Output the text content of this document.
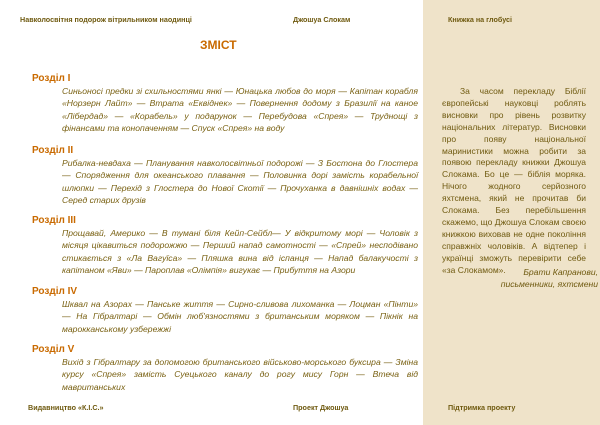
Навколосвітня подорож вітрильником наодинці	Джошуа Слокам	Книжка на глобусі
ЗМІСТ
Розділ I

Синьоносі предки зі схильностями янкі — Юнацька любов до моря — Капітан корабля «Норзерн Лайт» — Втрата «Еквіднек» — Повернення додому з Бразилії на каное «Лібердад» — «Корабель» у подарунок — Перебудова «Спрея» — Труднощі з фінансами та конопаченням — Спуск «Спрея» на воду

Розділ II

Рибалка-невдаха — Планування навколосвітньої подорожі — З Бостона до Глостера — Спорядження для океанського плавання — Половинка дорі замість корабельної шлюпки — Перехід з Глостера до Нової Скотії — Прочуханка в давнішніх водах — Серед старих друзів

Розділ III

Прощавай, Америко — В тумані біля Кейп-Сейбл— У відкритому морі — Чоловік з місяця цікавиться подорожжю — Перший напад самотності — «Спрей» несподівано стикається з «Ла Вагуїса» — Пляшка вина від іспанця — Напад балакучості з капітаном «Яви» — Пароплав «Олімпія» вигукає — Прибуття на Азори

Розділ IV

Шквал на Азорах — Панське життя — Сирно-сливова лихоманка — Лоцман «Пінти» — На Гібралтарі — Обмін люб'язностями з британським моряком — Пікнік на марокканському узбережжі

Розділ V

Вихід з Гібралтару за допомогою британського військово-морського буксира — Зміна курсу «Спрея» замість Суецького каналу до рогу мису Горн — Втеча від мавританських

За часом перекладу Біблії європейські науковці роблять висновки про рівень розвитку національних літератур. Висновки про появу національної маринистики можна робити за появою перекладу книжки Джошуа Слокама. Бо це — біблія моряка. Нічого жодного серйозного яхтсмена, який не прочитав би Слокама. Без перебільшення скажемо, що Джошуа Слокам своєю книжкою виховав не одне покоління справжніх чоловіків. А відтепер і українці зможуть перевірити себе «за Слокамом».	Брати Капранови,
письменники, яхтсмени
Видавництво «К.І.С.»	Проект Джошуа	Підтримка проекту
